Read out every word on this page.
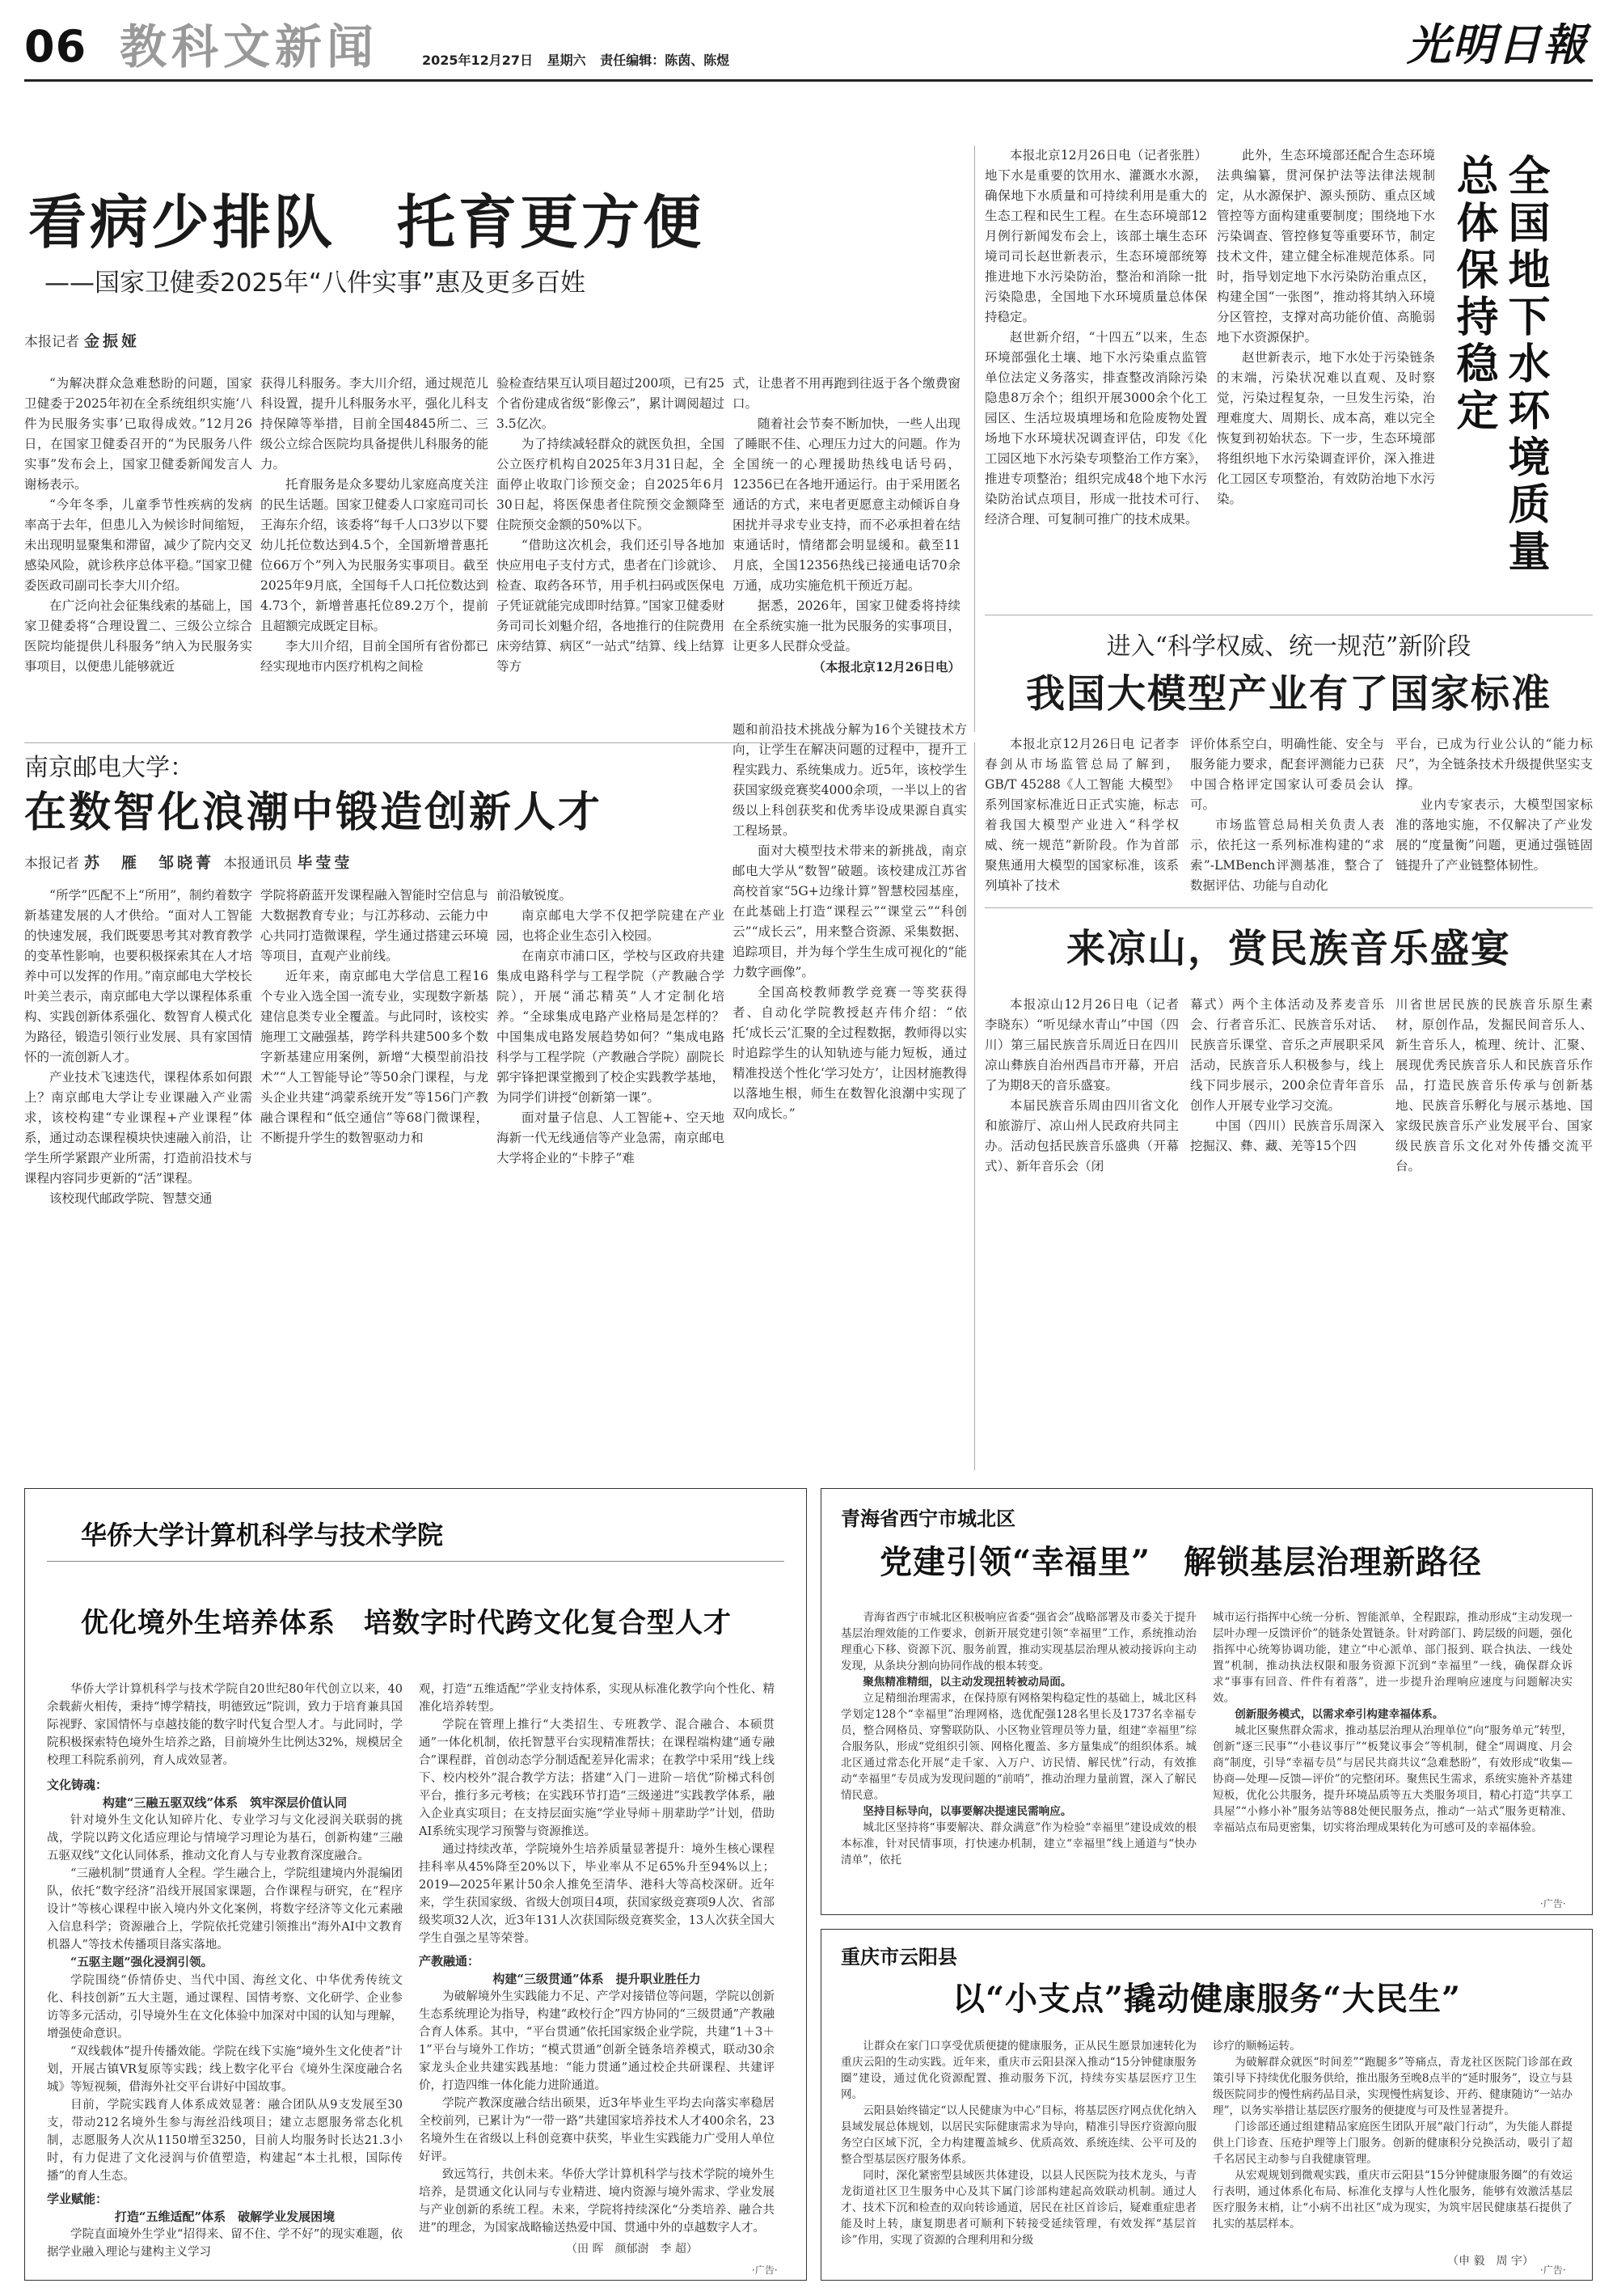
06 教科文新闻	2025年12月27日 星期六 责任编辑：陈茵、陈煜	光明日報
看病少排队　托育更方便
——国家卫健委2025年“八件实事”惠及更多百姓
本报记者 金振娅

“为解决群众急难愁盼的问题，国家卫健委于2025年初在全系统组织实施‘八件为民服务实事’已取得成效。”12月26日，在国家卫健委召开的“为民服务八件实事”发布会上，国家卫健委新闻发言人谢杨表示。

“今年冬季，儿童季节性疾病的发病率高于去年，但患儿入为候诊时间缩短，未出现明显聚集和滞留，减少了院内交叉感染风险，就诊秩序总体平稳。”国家卫健委医政司副司长李大川介绍。

在广泛向社会征集线索的基础上，国家卫健委将“合理设置二、三级公立综合医院均能提供儿科服务”纳入为民服务实事项目，以便患儿能够就近

获得儿科服务。李大川介绍，通过规范儿科设置，提升儿科服务水平，强化儿科支持保障等举措，目前全国4845所二、三级公立综合医院均具备提供儿科服务的能力。

托育服务是众多婴幼儿家庭高度关注的民生话题。国家卫健委人口家庭司司长王海东介绍，该委将“每千人口3岁以下婴幼儿托位数达到4.5个，全国新增普惠托位66万个”列入为民服务实事项目。截至2025年9月底，全国每千人口托位数达到4.73个，新增普惠托位89.2万个，提前且超额完成既定目标。

李大川介绍，目前全国所有省份都已经实现地市内医疗机构之间检

验检查结果互认项目超过200项，已有25个省份建成省级“影像云”，累计调阅超过3.5亿次。

为了持续减轻群众的就医负担，全国公立医疗机构自2025年3月31日起，全面停止收取门诊预交金；自2025年6月30日起，将医保患者住院预交金额降至住院预交金额的50%以下。

“借助这次机会，我们还引导各地加快应用电子支付方式，患者在门诊就诊、检查、取药各环节，用手机扫码或医保电子凭证就能完成即时结算。”国家卫健委财务司司长刘魁介绍，各地推行的住院费用床旁结算、病区“一站式”结算、线上结算等方

式，让患者不用再跑到往返于各个缴费窗口。

随着社会节奏不断加快，一些人出现了睡眠不佳、心理压力过大的问题。作为全国统一的心理援助热线电话号码，12356已在各地开通运行。由于采用匿名通话的方式，来电者更愿意主动倾诉自身困扰并寻求专业支持，而不必承担着在结束通话时，情绪都会明显缓和。截至11月底，全国12356热线已接通电话70余万通，成功实施危机干预近万起。

据悉，2026年，国家卫健委将持续在全系统实施一批为民服务的实事项目，让更多人民群众受益。

（本报北京12月26日电）

本报北京12月26日电（记者张胜）地下水是重要的饮用水、灌溉水水源，确保地下水质量和可持续利用是重大的生态工程和民生工程。在生态环境部12月例行新闻发布会上，该部土壤生态环境司司长赵世新表示，生态环境部统筹推进地下水污染防治，整治和消除一批污染隐患，全国地下水环境质量总体保持稳定。

赵世新介绍，“十四五”以来，生态环境部强化土壤、地下水污染重点监管单位法定义务落实，排查整改消除污染隐患8万余个；组织开展3000余个化工园区、生活垃圾填埋场和危险废物处置场地下水环境状况调查评估，印发《化工园区地下水污染专项整治工作方案》，推进专项整治；组织完成48个地下水污染防治试点项目，形成一批技术可行、经济合理、可复制可推广的技术成果。

此外，生态环境部还配合生态环境法典编纂，贯河保护法等法律法规制定，从水源保护、源头预防、重点区域管控等方面构建重要制度；围绕地下水污染调查、管控修复等重要环节，制定技术文件，建立健全标准规范体系。同时，指导划定地下水污染防治重点区，构建全国“一张图”，推动将其纳入环境分区管控，支撑对高功能价值、高脆弱地下水资源保护。

赵世新表示，地下水处于污染链条的末端，污染状况难以直观、及时察觉，污染过程复杂，一旦发生污染，治理难度大、周期长、成本高，难以完全恢复到初始状态。下一步，生态环境部将组织地下水污染调查评价，深入推进化工园区专项整治，有效防治地下水污染。	全国地下水环境质量总体保持稳定
进入“科学权威、统一规范”新阶段
我国大模型产业有了国家标准

本报北京12月26日电 记者李春剑从市场监管总局了解到，GB/T 45288《人工智能 大模型》系列国家标准近日正式实施，标志着我国大模型产业进入“科学权威、统一规范”新阶段。作为首部聚焦通用大模型的国家标准，该系列填补了技术

评价体系空白，明确性能、安全与服务能力要求，配套评测能力已获中国合格评定国家认可委员会认可。

市场监管总局相关负责人表示，依托这一系列标准构建的“求索”-LMBench评测基准，整合了数据评估、功能与自动化

平台，已成为行业公认的“能力标尺”，为全链条技术升级提供坚实支撑。

业内专家表示，大模型国家标准的落地实施，不仅解决了产业发展的“度量衡”问题，更通过强链固链提升了产业链整体韧性。

南京邮电大学：
在数智化浪潮中锻造创新人才
本报记者 苏　雁　邹晓菁 本报通讯员 毕莹莹

“所学”匹配不上“所用”，制约着数字新基建发展的人才供给。“面对人工智能的快速发展，我们既要思考其对教育教学的变革性影响，也要积极探索其在人才培养中可以发挥的作用。”南京邮电大学校长叶美兰表示，南京邮电大学以课程体系重构、实践创新体系强化、数智育人模式化为路径，锻造引领行业发展、具有家国情怀的一流创新人才。

产业技术飞速迭代，课程体系如何跟上？南京邮电大学让专业课融入产业需求，该校构建“专业课程+产业课程”体系，通过动态课程模块快速融入前沿，让学生所学紧跟产业所需，打造前沿技术与课程内容同步更新的“活”课程。

该校现代邮政学院、智慧交通

学院将蔚蓝开发课程融入智能时空信息与大数据教育专业；与江苏移动、云能力中心共同打造微课程，学生通过搭建云环境等项目，直观产业前线。

近年来，南京邮电大学信息工程16个专业入选全国一流专业，实现数字新基建信息类专业全覆盖。与此同时，该校实施理工文融强基，跨学科共建500多个数字新基建应用案例，新增“大模型前沿技术”“人工智能导论”等50余门课程，与龙头企业共建“鸿蒙系统开发”等156门产教融合课程和“低空通信”等68门微课程，不断提升学生的数智驱动力和

前沿敏锐度。

南京邮电大学不仅把学院建在产业园，也将企业生态引入校园。

在南京市浦口区，学校与区政府共建集成电路科学与工程学院（产教融合学院），开展“涌芯精英”人才定制化培养。“全球集成电路产业格局是怎样的？中国集成电路发展趋势如何？”集成电路科学与工程学院（产教融合学院）副院长郭宇锋把课堂搬到了校企实践教学基地，为同学们讲授“创新第一课”。

面对量子信息、人工智能+、空天地海新一代无线通信等产业急需，南京邮电大学将企业的“卡脖子”难

题和前沿技术挑战分解为16个关键技术方向，让学生在解决问题的过程中，提升工程实践力、系统集成力。近5年，该校学生获国家级竞赛奖4000余项，一半以上的省级以上科创获奖和优秀毕设成果源自真实工程场景。

面对大模型技术带来的新挑战，南京邮电大学从“数智”破题。该校建成江苏省高校首家“5G+边缘计算”智慧校园基座，在此基础上打造“课程云”“课堂云”“科创云”“成长云”，用来整合资源、采集数据、追踪项目，并为每个学生生成可视化的“能力数字画像”。

全国高校教师教学竞赛一等奖获得者、自动化学院教授赵卉伟介绍：“依托‘成长云’汇聚的全过程数据，教师得以实时追踪学生的认知轨迹与能力短板，通过精准投送个性化‘学习处方’，让因材施教得以落地生根，师生在数智化浪潮中实现了双向成长。”

来凉山，赏民族音乐盛宴

本报凉山12月26日电（记者李晓东）“听见绿水青山”中国（四川）第三届民族音乐周近日在四川凉山彝族自治州西昌市开幕，开启了为期8天的音乐盛宴。

本届民族音乐周由四川省文化和旅游厅、凉山州人民政府共同主办。活动包括民族音乐盛典（开幕式）、新年音乐会（闭

幕式）两个主体活动及荞麦音乐会、行者音乐汇、民族音乐对话、民族音乐课堂、音乐之声展职采风活动，民族音乐人积极参与，线上线下同步展示，200余位青年音乐创作人开展专业学习交流。

中国（四川）民族音乐周深入挖掘汉、彝、藏、羌等15个四

川省世居民族的民族音乐原生素材，原创作品，发掘民间音乐人、新生音乐人，梳理、统计、汇聚、展现优秀民族音乐人和民族音乐作品，打造民族音乐传承与创新基地、民族音乐孵化与展示基地、国家级民族音乐产业发展平台、国家级民族音乐文化对外传播交流平台。

华侨大学计算机科学与技术学院
优化境外生培养体系　培数字时代跨文化复合型人才

华侨大学计算机科学与技术学院自20世纪80年代创立以来，40余载薪火相传，秉持“博学精技，明德致远”院训，致力于培育兼具国际视野、家国情怀与卓越技能的数字时代复合型人才。与此同时，学院积极探索特色境外生培养之路，目前境外生比例达32%，规模居全校理工科院系前列，育人成效显著。

文化铸魂：

构建“三融五驱双线”体系　筑牢深层价值认同

针对境外生文化认知碎片化、专业学习与文化浸润关联弱的挑战，学院以跨文化适应理论与情境学习理论为基石，创新构建“三融五驱双线”文化认同体系，推动文化育人与专业教育深度融合。

“三融机制”贯通育人全程。学生融合上，学院组建境内外混编团队，依托“数字经济”沿线开展国家课题，合作课程与研究，在“程序设计”等核心课程中嵌入境内外文化案例，将数字经济等文化元素融入信息科学；资源融合上，学院依托党建引领推出“海外AI中文教育机器人”等技术传播项目落实落地。

“五驱主题”强化浸润引领。

学院围绕“侨情侨史、当代中国、海丝文化、中华优秀传统文化、科技创新”五大主题，通过课程、国情考察、文化研学、企业参访等多元活动，引导境外生在文化体验中加深对中国的认知与理解，增强使命意识。

“双线载体”提升传播效能。学院在线下实施“境外生文化使者”计划，开展古镇VR复原等实践；线上数字化平台《境外生深度融合名城》等短视频，借海外社交平台讲好中国故事。

目前，学院实践育人体系成效显著：融合团队从9支发展至30支，带动212名境外生参与海丝沿线项目；建立志愿服务常态化机制，志愿服务人次从1150增至3250，目前人均服务时长达21.3小时，有力促进了文化浸润与价值塑造，构建起“本土扎根，国际传播”的育人生态。

学业赋能：

打造“五维适配”体系　破解学业发展困境

学院直面境外生学业“招得来、留不住、学不好”的现实难题，依据学业融入理论与建构主义学习

观，打造“五维适配”学业支持体系，实现从标准化教学向个性化、精准化培养转型。

学院在管理上推行“大类招生、专班教学、混合融合、本硕贯通”一体化机制，依托智慧平台实现精准帮扶；在课程端构建“通专融合”课程群，首创动态学分制适配差异化需求；在教学中采用“线上线下、校内校外”混合教学方法；搭建“入门－进阶－培优”阶梯式科创平台，推行多元考核；在实践环节打造“三级递进”实践教学体系，融入企业真实项目；在支持层面实施“学业导师＋朋辈助学”计划，借助AI系统实现学习预警与资源推送。

通过持续改革，学院境外生培养质量显著提升：境外生核心课程挂科率从45%降至20%以下，毕业率从不足65%升至94%以上；2019—2025年累计50余人推免至清华、港科大等高校深研。近年来，学生获国家级、省级大创项目4项，获国家级竞赛项9人次、省部级奖项32人次，近3年131人次获国际级竞赛奖金，13人次获全国大学生自强之星等荣誉。

产教融通：

构建“三级贯通”体系　提升职业胜任力

为破解境外生实践能力不足、产学对接错位等问题，学院以创新生态系统理论为指导，构建“政校行企”四方协同的“三级贯通”产教融合育人体系。其中，“平台贯通”依托国家级企业学院，共建“1＋3＋1”平台与境外工作坊；“模式贯通”创新全链条培养模式，联动30余家龙头企业共建实践基地：“能力贯通”通过校企共研课程、共建评价，打造四维一体化能力进阶通道。

学院产教深度融合结出硕果，近3年毕业生平均去向落实率稳居全校前列，已累计为“一带一路”共建国家培养技术人才400余名，23名境外生在省级以上科创竞赛中获奖，毕业生实践能力广受用人单位好评。

致远笃行，共创未来。华侨大学计算机科学与技术学院的境外生培养，是贯通文化认同与专业精进、境内资源与境外需求、学业发展与产业创新的系统工程。未来，学院将持续深化“分类培养、融合共进”的理念，为国家战略输送热爱中国、贯通中外的卓越数字人才。

（田 晖　颜郁澍　李 超）
·广告·
青海省西宁市城北区
党建引领“幸福里”　解锁基层治理新路径

青海省西宁市城北区积极响应省委“强省会”战略部署及市委关于提升基层治理效能的工作要求，创新开展党建引领“幸福里”工作，系统推动治理重心下移、资源下沉、服务前置，推动实现基层治理从被动接诉向主动发现，从条块分割向协同作战的根本转变。

聚焦精准精细，以主动发现扭转被动局面。

立足精细治理需求，在保持原有网格架构稳定性的基础上，城北区科学划定128个“幸福里”治理网格，选优配强128名里长及1737名幸福专员，整合网格员、穿警联防队、小区物业管理员等力量，组建“幸福里”综合服务队，形成“党组织引领、网格化覆盖、多方量集成”的组织体系。城北区通过常态化开展“走千家、入万户、访民情、解民忧”行动，有效推动“幸福里”专员成为发现问题的“前哨”，推动治理力量前置，深入了解民情民意。

坚持目标导向，以事要解决提速民需响应。

城北区坚持将“事要解决、群众满意”作为检验“幸福里”建设成效的根本标准，针对民情事项，打快速办机制，建立“幸福里”线上通道与“快办清单”，依托

城市运行指挥中心统一分析、智能派单，全程跟踪，推动形成“主动发现一层叶办理一反馈评价”的链条处置链条。针对跨部门、跨层级的问题，强化指挥中心统筹协调功能，建立“中心派单、部门报到、联合执法、一线处置”机制，推动执法权限和服务资源下沉到“幸福里”一线，确保群众诉求“事事有回音、件件有着落”，进一步提升治理响应速度与问题解决实效。

创新服务模式，以需求牵引构建幸福体系。

城北区聚焦群众需求，推动基层治理从治理单位“向“服务单元”转型，创新“逐三民事”“小巷议事厅”“板凳议事会”等机制，健全“周调度、月会商”制度，引导“幸福专员”与居民共商共议“急难愁盼”，有效形成“收集—协商—处理—反馈—评价”的完整闭环。聚焦民生需求，系统实施补齐基建短板，优化公共服务，提升环境品质等五大类服务项目，精心打造“共享工具屋”“小修小补”服务站等88处便民服务点，推动“一站式”服务更精准、幸福站点布局更密集，切实将治理成果转化为可感可及的幸福体验。

·广告·
重庆市云阳县
以“小支点”撬动健康服务“大民生”

让群众在家门口享受优质便捷的健康服务，正从民生愿景加速转化为重庆云阳的生动实践。近年来，重庆市云阳县深入推动“15分钟健康服务圈”建设，通过优化资源配置、推动服务下沉，持续夯实基层医疗卫生网。

云阳县始终锚定“以人民健康为中心”目标，将基层医疗网点优化纳入县域发展总体规划，以居民实际健康需求为导向，精准引导医疗资源向服务空白区域下沉，全力构建覆盖城乡、优质高效、系统连续、公平可及的整合型基层医疗服务体系。

同时，深化紧密型县域医共体建设，以县人民医院为技术龙头，与青龙街道社区卫生服务中心及其下属门诊部构建起高效联动机制。通过人才、技术下沉和检查的双向转诊通道，居民在社区首诊后，疑难重症患者能及时上转，康复期患者可顺利下转接受延续管理，有效发挥“基层首诊”作用，实现了资源的合理利用和分级

诊疗的顺畅运转。

为破解群众就医“时间差”“跑腿多”等痛点，青龙社区医院门诊部在政策引导下持续优化服务供给，推出服务至晚8点半的“延时服务”，设立与县级医院同步的慢性病药品目录，实现慢性病复诊、开药、健康随访“一站办理”，以务实举措让基层医疗服务的便捷度与可及性显著提升。

门诊部还通过组建精品家庭医生团队开展“敲门行动”，为失能人群提供上门诊查、压疮护理等上门服务。创新的健康积分兑换活动，吸引了超千名居民主动参与自我健康管理。

从宏观规划到微观实践，重庆市云阳县“15分钟健康服务圈”的有效运行表明，通过体系化布局、标准化支撑与人性化服务，能够有效激活基层医疗服务末梢，让“小病不出社区”成为现实，为筑牢居民健康基石提供了扎实的基层样本。

（申 毅　周 宇）
·广告·
